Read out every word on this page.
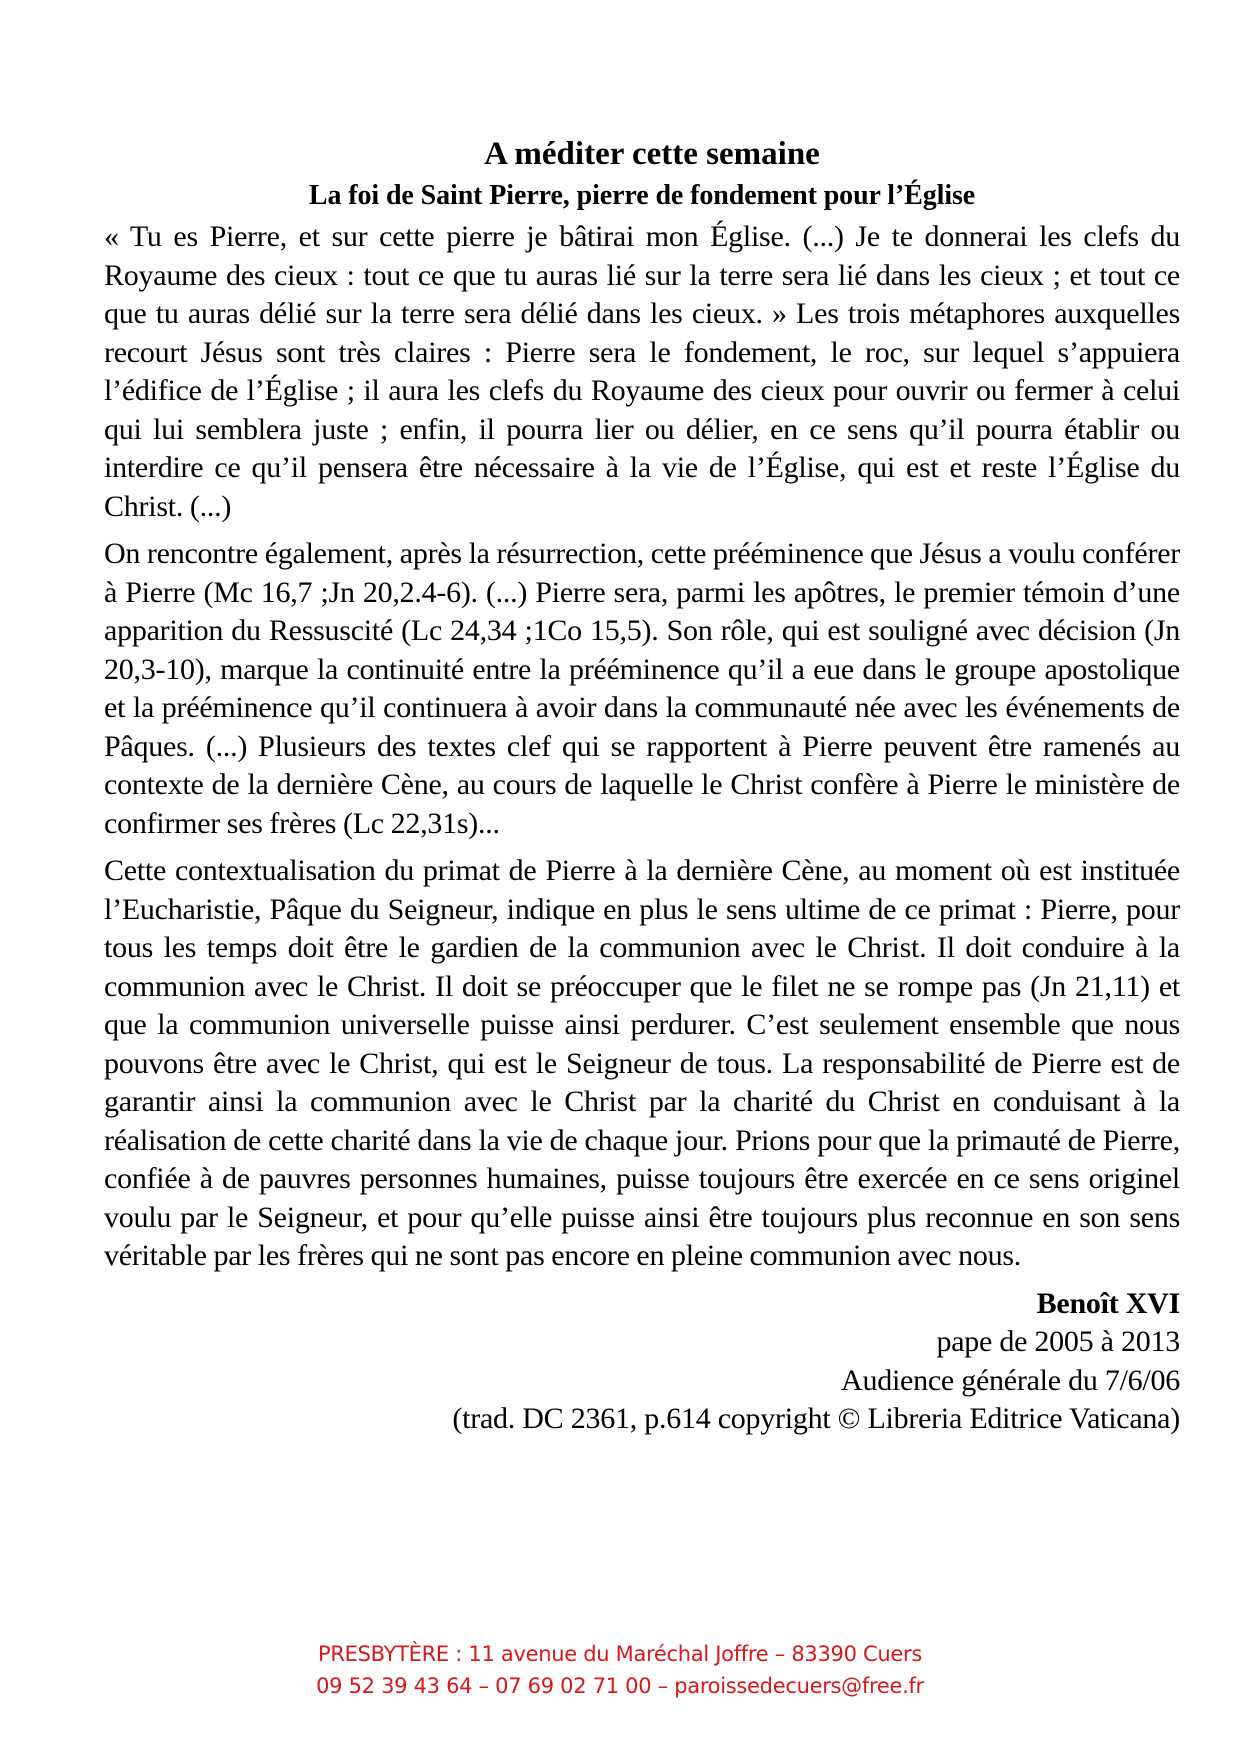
A méditer cette semaine
La foi de Saint Pierre, pierre de fondement pour l’Église

« Tu es Pierre, et sur cette pierre je bâtirai mon Église. (...) Je te donnerai les clefs du Royaume des cieux : tout ce que tu auras lié sur la terre sera lié dans les cieux ; et tout ce que tu auras délié sur la terre sera délié dans les cieux. » Les trois métaphores auxquelles recourt Jésus sont très claires : Pierre sera le fondement, le roc, sur lequel s’appuiera l’édifice de l’Église ; il aura les clefs du Royaume des cieux pour ouvrir ou fermer à celui qui lui semblera juste ; enfin, il pourra lier ou délier, en ce sens qu’il pourra établir ou interdire ce qu’il pensera être nécessaire à la vie de l’Église, qui est et reste l’Église du Christ. (...)

On rencontre également, après la résurrection, cette prééminence que Jésus a voulu conférer à Pierre (Mc 16,7 ;Jn 20,2.4-6). (...) Pierre sera, parmi les apôtres, le premier témoin d’une apparition du Ressuscité (Lc 24,34 ;1Co 15,5). Son rôle, qui est souligné avec décision (Jn 20,3-10), marque la continuité entre la prééminence qu’il a eue dans le groupe apostolique et la prééminence qu’il continuera à avoir dans la communauté née avec les événements de Pâques. (...) Plusieurs des textes clef qui se rapportent à Pierre peuvent être ramenés au contexte de la dernière Cène, au cours de laquelle le Christ confère à Pierre le ministère de confirmer ses frères (Lc 22,31s)...

Cette contextualisation du primat de Pierre à la dernière Cène, au moment où est instituée l’Eucharistie, Pâque du Seigneur, indique en plus le sens ultime de ce primat : Pierre, pour tous les temps doit être le gardien de la communion avec le Christ. Il doit conduire à la communion avec le Christ. Il doit se préoccuper que le filet ne se rompe pas (Jn 21,11) et que la communion universelle puisse ainsi perdurer. C’est seulement ensemble que nous pouvons être avec le Christ, qui est le Seigneur de tous. La responsabilité de Pierre est de garantir ainsi la communion avec le Christ par la charité du Christ en conduisant à la réalisation de cette charité dans la vie de chaque jour. Prions pour que la primauté de Pierre, confiée à de pauvres personnes humaines, puisse toujours être exercée en ce sens originel voulu par le Seigneur, et pour qu’elle puisse ainsi être toujours plus reconnue en son sens véritable par les frères qui ne sont pas encore en pleine communion avec nous.

Benoît XVI
pape de 2005 à 2013
Audience générale du 7/6/06
(trad. DC 2361, p.614 copyright © Libreria Editrice Vaticana)
PRESBYTÈRE : 11 avenue du Maréchal Joffre – 83390 Cuers
09 52 39 43 64 – 07 69 02 71 00 – paroissedecuers@free.fr
